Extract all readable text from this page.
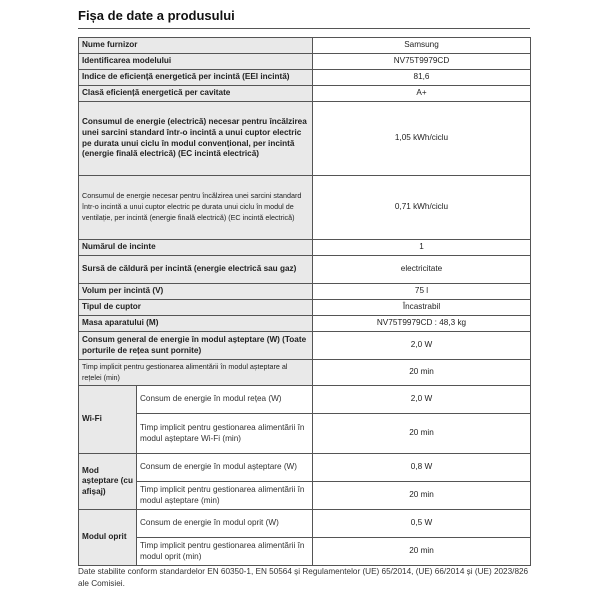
Fișa de date a produsului
Nume furnizor		Samsung
Identificarea modelului		NV75T9979CD
Indice de eficiență energetică per incintă (EEI incintă)		81,6
Clasă eficiență energetică per cavitate		A+
Consumul de energie (electrică) necesar pentru încălzirea unei sarcini standard într-o incintă a unui cuptor electric pe durata unui ciclu în modul convențional, per incintă (energie finală electrică) (EC incintă electrică)		1,05 kWh/ciclu
Consumul de energie necesar pentru încălzirea unei sarcini standard într-o incintă a unui cuptor electric pe durata unui ciclu în modul de ventilație, per incintă (energie finală electrică) (EC incintă electrică)		0,71 kWh/ciclu
Numărul de incinte		1
Sursă de căldură per incintă (energie electrică sau gaz)		electricitate
Volum per incintă (V)		75 l
Tipul de cuptor		Încastrabil
Masa aparatului (M)		NV75T9979CD : 48,3 kg
Consum general de energie în modul așteptare (W) (Toate porturile de rețea sunt pornite)		2,0 W
Timp implicit pentru gestionarea alimentării în modul așteptare al rețelei (min)		20 min
Wi-Fi	Consum de energie în modul rețea (W)	2,0 W
	Timp implicit pentru gestionarea alimentării în modul așteptare Wi-Fi (min)	20 min
Mod așteptare (cu afișaj)	Consum de energie în modul așteptare (W)	0,8 W
	Timp implicit pentru gestionarea alimentării în modul așteptare (min)	20 min
Modul oprit	Consum de energie în modul oprit (W)	0,5 W
	Timp implicit pentru gestionarea alimentării în modul oprit (min)	20 min
Date stabilite conform standardelor EN 60350-1, EN 50564 și Regulamentelor (UE) 65/2014, (UE) 66/2014 și (UE) 2023/826 ale Comisiei.
